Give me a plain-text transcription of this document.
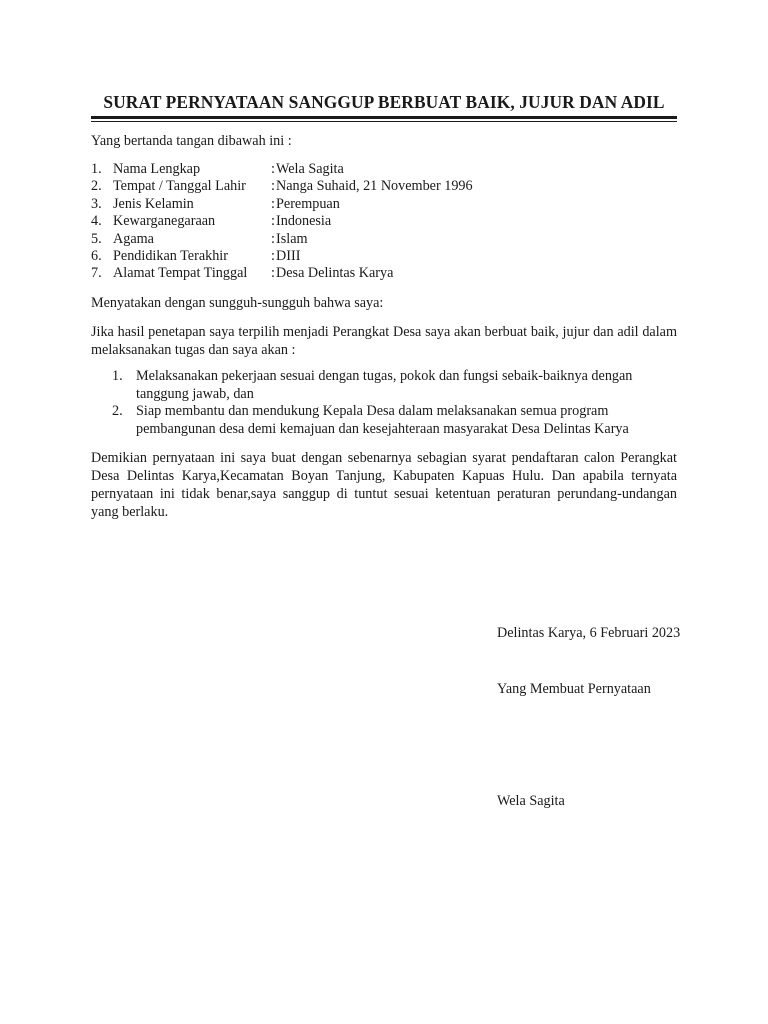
SURAT PERNYATAAN SANGGUP BERBUAT BAIK, JUJUR DAN ADIL
Yang bertanda tangan dibawah ini :
1. Nama Lengkap	: Wela Sagita
2. Tempat / Tanggal Lahir : Nanga Suhaid, 21 November 1996
3. Jenis Kelamin	: Perempuan
4. Kewarganegaraan	: Indonesia
5. Agama	: Islam
6. Pendidikan Terakhir	: DIII
7. Alamat Tempat Tinggal : Desa Delintas Karya
Menyatakan dengan sungguh-sungguh bahwa saya:
Jika hasil penetapan saya terpilih menjadi Perangkat Desa saya akan berbuat baik, jujur dan adil dalam melaksanakan tugas dan saya akan :
1. Melaksanakan pekerjaan sesuai dengan tugas, pokok dan fungsi sebaik-baiknya dengan tanggung jawab, dan
2. Siap membantu dan mendukung Kepala Desa dalam melaksanakan semua program pembangunan desa demi kemajuan dan kesejahteraan masyarakat Desa Delintas Karya
Demikian pernyataan ini saya buat dengan sebenarnya sebagian syarat pendaftaran calon Perangkat Desa Delintas Karya,Kecamatan Boyan Tanjung, Kabupaten Kapuas Hulu. Dan apabila ternyata pernyataan ini tidak benar,saya sanggup di tuntut sesuai ketentuan peraturan perundang-undangan yang berlaku.
Delintas Karya, 6 Februari 2023
Yang Membuat Pernyataan
Wela Sagita
